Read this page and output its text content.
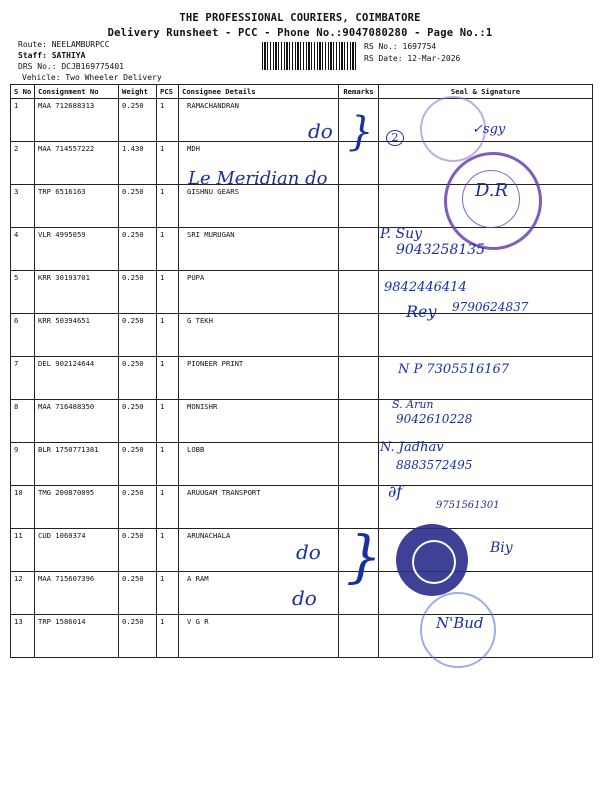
THE PROFESSIONAL COURIERS, COIMBATORE
Delivery Runsheet - PCC - Phone No.:9047080280 - Page No.:1
Route: NEELAMBURPCC
Staff: SATHIYA
DRS No.: DCJB169775401
Vehicle: Two Wheeler Delivery
RS No.: 1697754
RS Date: 12-Mar-2026
S No	Consignment No	Weight	PCS	Consignee Details	Remarks	Seal & Signature
1	MAA 712688313	0.250	1	RAMACHANDRAN		
2	MAA 714557222	1.430	1	MDH		
3	TRP 6516163	0.250	1	GISHNU GEARS		
4	VLR 4995059	0.250	1	SRI MURUGAN		
5	KRR 30193701	0.250	1	PUPA		
6	KRR 50394651	0.250	1	G TEKH		
7	DEL 902124644	0.250	1	PIONEER PRINT		
8	MAA 716488350	0.250	1	MONISHR		
9	BLR 1750771381	0.250	1	LOBB		
10	TMG 200870095	0.250	1	ARUUGAM TRANSPORT		
11	CUD 1060374	0.250	1	ARUNACHALA		
12	MAA 715607396	0.250	1	A RAM		
13	TRP 1586014	0.250	1	V G R		
do }	2
Le Meridian do
✓sgy
D.R
P. Suy
9043258135
9842446414
Rey 9790624837
N P 7305516167
S. Arun
9042610228
N. Jadhav
8883572495
∂f
9751561301
do }
do
Biy
N'Bud
